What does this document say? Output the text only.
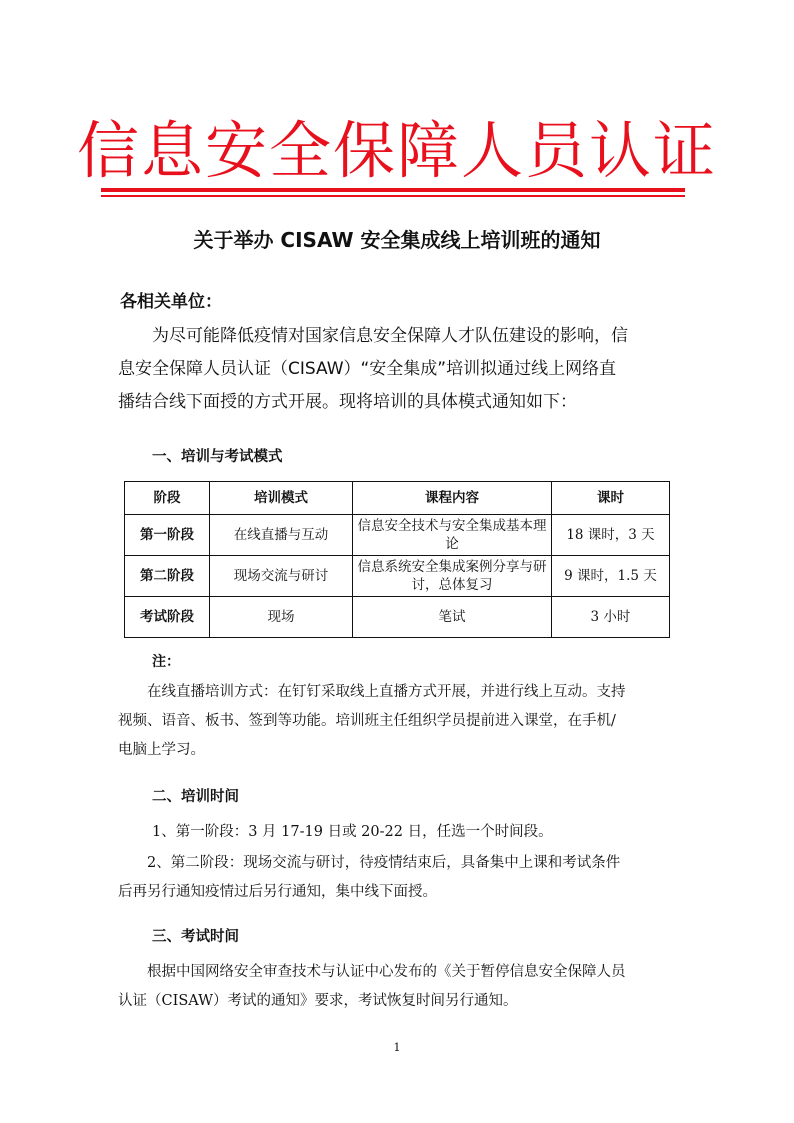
信息安全保障人员认证
关于举办 CISAW 安全集成线上培训班的通知
各相关单位：
　　为尽可能降低疫情对国家信息安全保障人才队伍建设的影响，信
息安全保障人员认证（CISAW）“安全集成”培训拟通过线上网络直
播结合线下面授的方式开展。现将培训的具体模式通知如下：
一、培训与考试模式
阶段	培训模式	课程内容	课时
第一阶段	在线直播与互动	信息安全技术与安全集成基本理论	18 课时，3 天
第二阶段	现场交流与研讨	信息系统安全集成案例分享与研讨，总体复习	9 课时，1.5 天
考试阶段	现场	笔试	3 小时
注：
　　在线直播培训方式：在钉钉采取线上直播方式开展，并进行线上互动。支持
视频、语音、板书、签到等功能。培训班主任组织学员提前进入课堂，在手机/
电脑上学习。
二、培训时间
1、第一阶段：3 月 17-19 日或 20-22 日，任选一个时间段。
　　2、第二阶段：现场交流与研讨，待疫情结束后，具备集中上课和考试条件
后再另行通知疫情过后另行通知，集中线下面授。
三、考试时间
　　根据中国网络安全审查技术与认证中心发布的《关于暂停信息安全保障人员
认证（CISAW）考试的通知》要求，考试恢复时间另行通知。
1
